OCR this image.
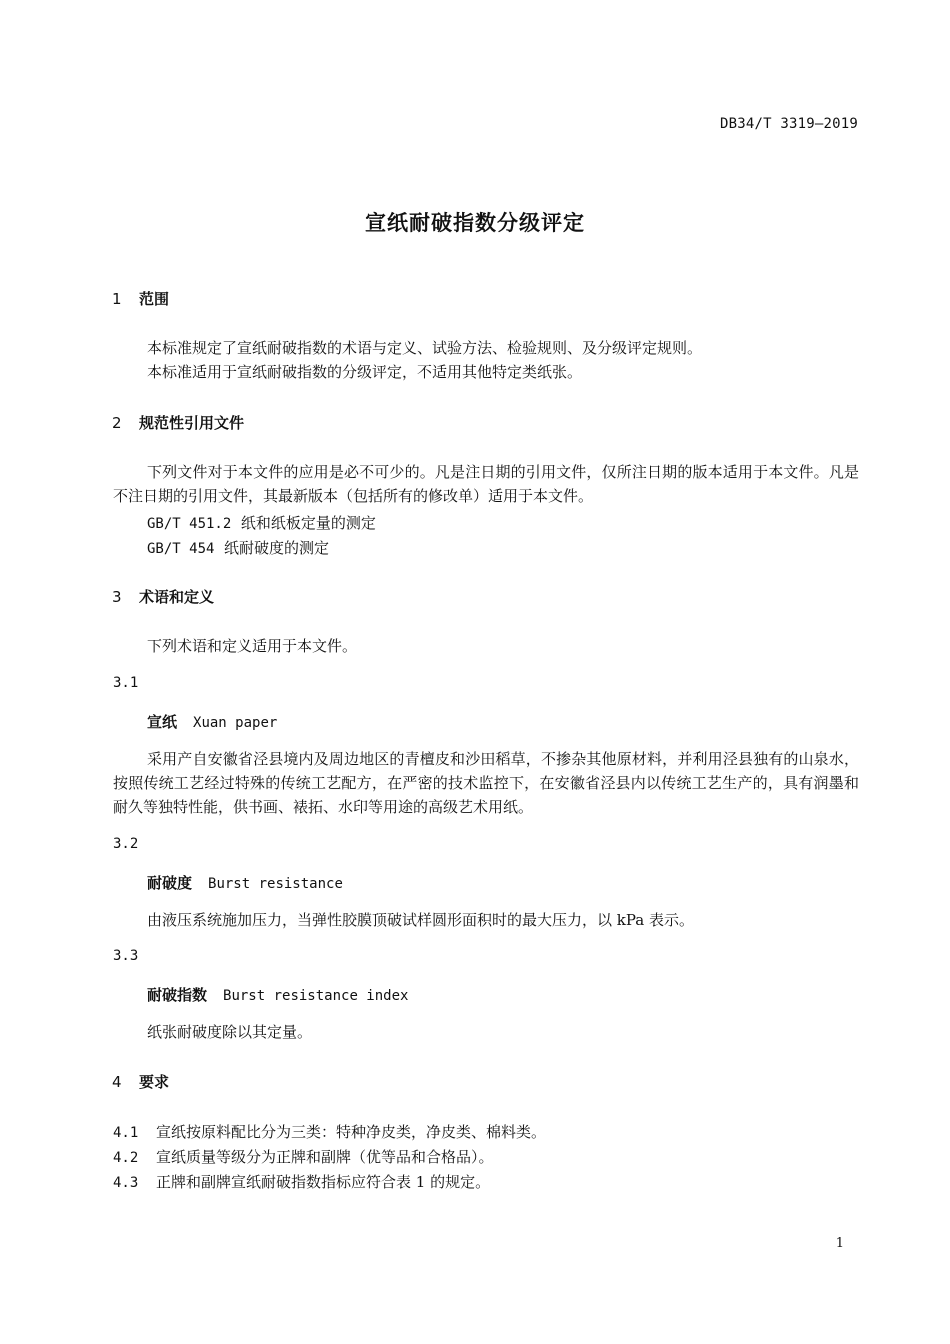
DB34/T 3319—2019
宣纸耐破指数分级评定
1 范围
本标准规定了宣纸耐破指数的术语与定义、试验方法、检验规则、及分级评定规则。
本标准适用于宣纸耐破指数的分级评定，不适用其他特定类纸张。
2 规范性引用文件
下列文件对于本文件的应用是必不可少的。凡是注日期的引用文件，仅所注日期的版本适用于本文件。凡是不注日期的引用文件，其最新版本（包括所有的修改单）适用于本文件。
GB/T 451.2 纸和纸板定量的测定
GB/T 454 纸耐破度的测定
3 术语和定义
下列术语和定义适用于本文件。
3.1
宣纸 Xuan paper
采用产自安徽省泾县境内及周边地区的青檀皮和沙田稻草，不掺杂其他原材料，并利用泾县独有的山泉水，按照传统工艺经过特殊的传统工艺配方，在严密的技术监控下，在安徽省泾县内以传统工艺生产的，具有润墨和耐久等独特性能，供书画、裱拓、水印等用途的高级艺术用纸。
3.2
耐破度 Burst resistance
由液压系统施加压力，当弹性胶膜顶破试样圆形面积时的最大压力，以 kPa 表示。
3.3
耐破指数 Burst resistance index
纸张耐破度除以其定量。
4 要求
4.1 宣纸按原料配比分为三类：特种净皮类，净皮类、棉料类。
4.2 宣纸质量等级分为正牌和副牌（优等品和合格品）。
4.3 正牌和副牌宣纸耐破指数指标应符合表 1 的规定。
1
